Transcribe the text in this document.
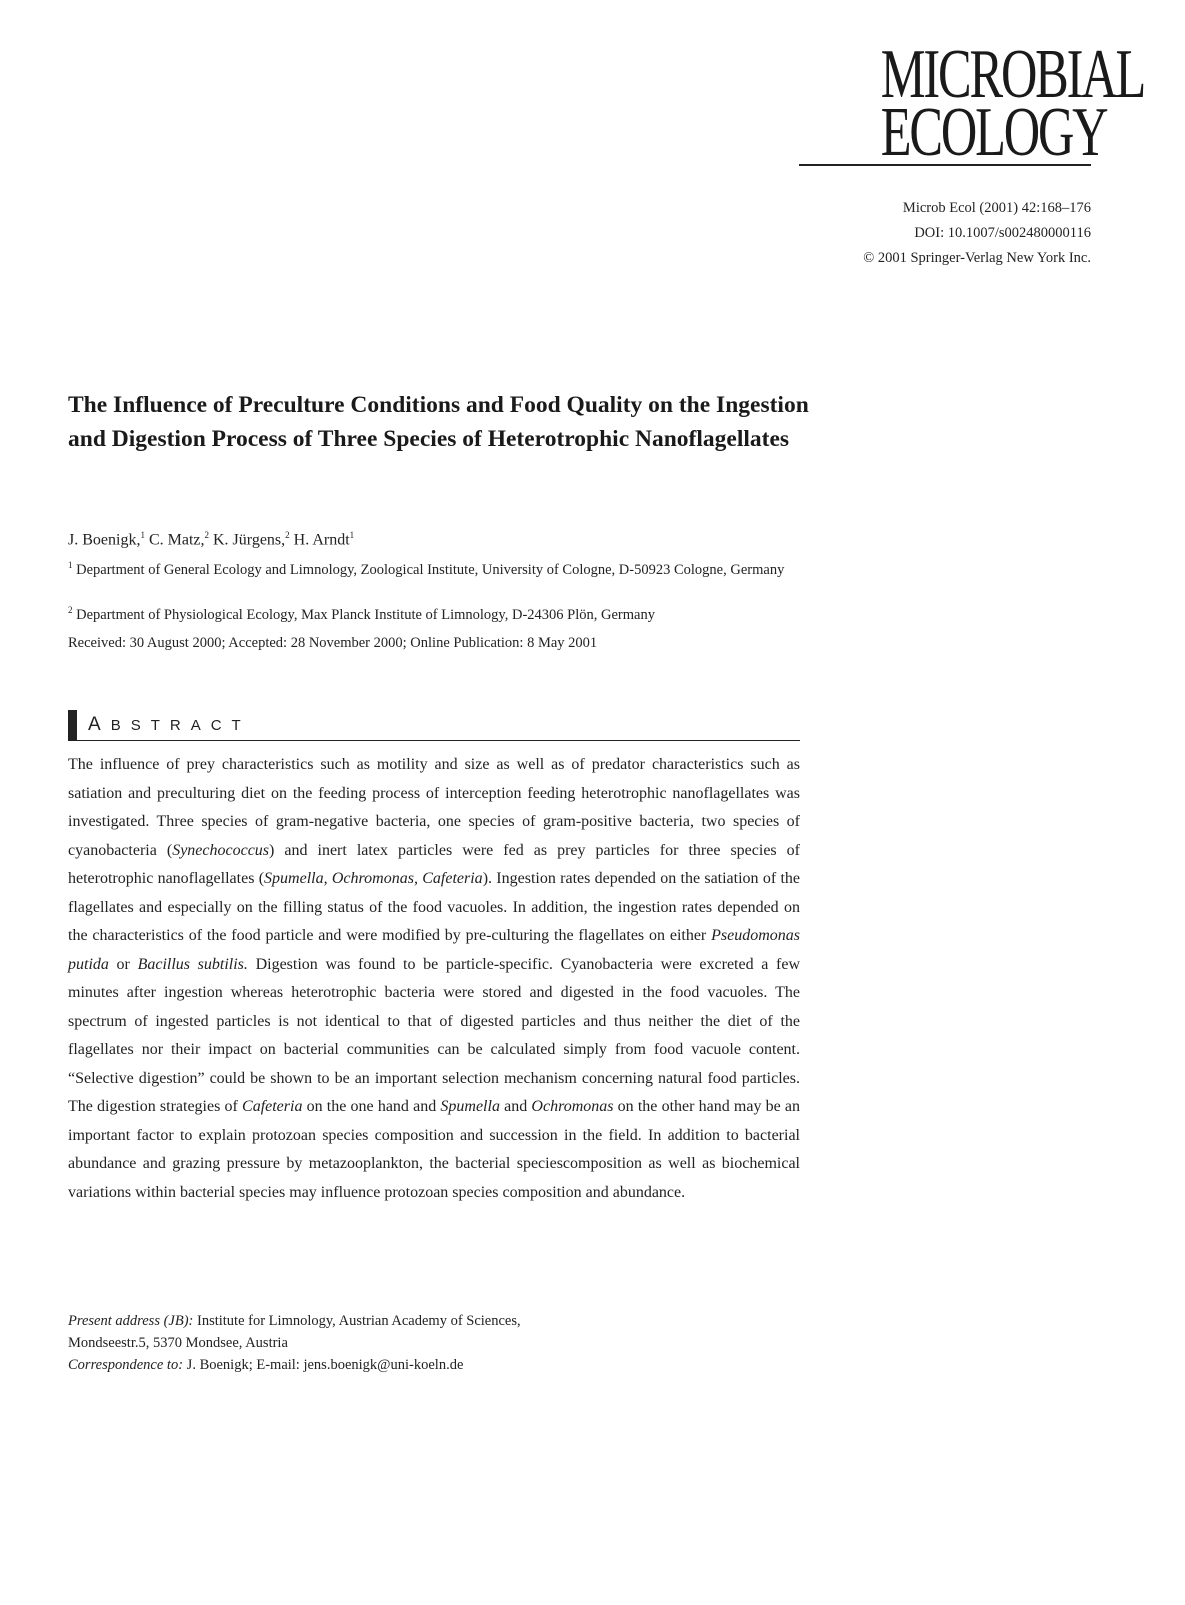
MICROBIAL
ECOLOGY
Microb Ecol (2001) 42:168–176
DOI: 10.1007/s002480000116
© 2001 Springer-Verlag New York Inc.
The Influence of Preculture Conditions and Food Quality on the Ingestion and Digestion Process of Three Species of Heterotrophic Nanoflagellates
J. Boenigk,$^1$ C. Matz,$^2$ K. Jürgens,$^2$ H. Arndt$^1$
$^1$ Department of General Ecology and Limnology, Zoological Institute, University of Cologne, D-50923 Cologne, Germany
$^2$ Department of Physiological Ecology, Max Planck Institute of Limnology, D-24306 Plön, Germany
Received: 30 August 2000; Accepted: 28 November 2000; Online Publication: 8 May 2001
ABSTRACT

The influence of prey characteristics such as motility and size as well as of predator characteristics such as satiation and preculturing diet on the feeding process of interception feeding heterotrophic nanoflagellates was investigated. Three species of gram-negative bacteria, one species of gram-positive bacteria, two species of cyanobacteria (Synechococcus) and inert latex particles were fed as prey particles for three species of heterotrophic nanoflagellates (Spumella, Ochromonas, Cafeteria). Ingestion rates depended on the satiation of the flagellates and especially on the filling status of the food vacuoles. In addition, the ingestion rates depended on the characteristics of the food particle and were modified by pre-culturing the flagellates on either Pseudomonas putida or Bacillus subtilis. Digestion was found to be particle-specific. Cyanobacteria were excreted a few minutes after ingestion whereas heterotrophic bacteria were stored and digested in the food vacuoles. The spectrum of ingested particles is not identical to that of digested particles and thus neither the diet of the flagellates nor their impact on bacterial communities can be calculated simply from food vacuole content. “Selective digestion” could be shown to be an important selection mechanism concerning natural food particles. The digestion strategies of Cafeteria on the one hand and Spumella and Ochromonas on the other hand may be an important factor to explain protozoan species composition and succession in the field. In addition to bacterial abundance and grazing pressure by metazooplankton, the bacterial speciescomposition as well as biochemical variations within bacterial species may influence protozoan species composition and abundance.

Present address (JB): Institute for Limnology, Austrian Academy of Sciences,
Mondseestr.5, 5370 Mondsee, Austria
Correspondence to: J. Boenigk; E-mail: jens.boenigk@uni-koeln.de
